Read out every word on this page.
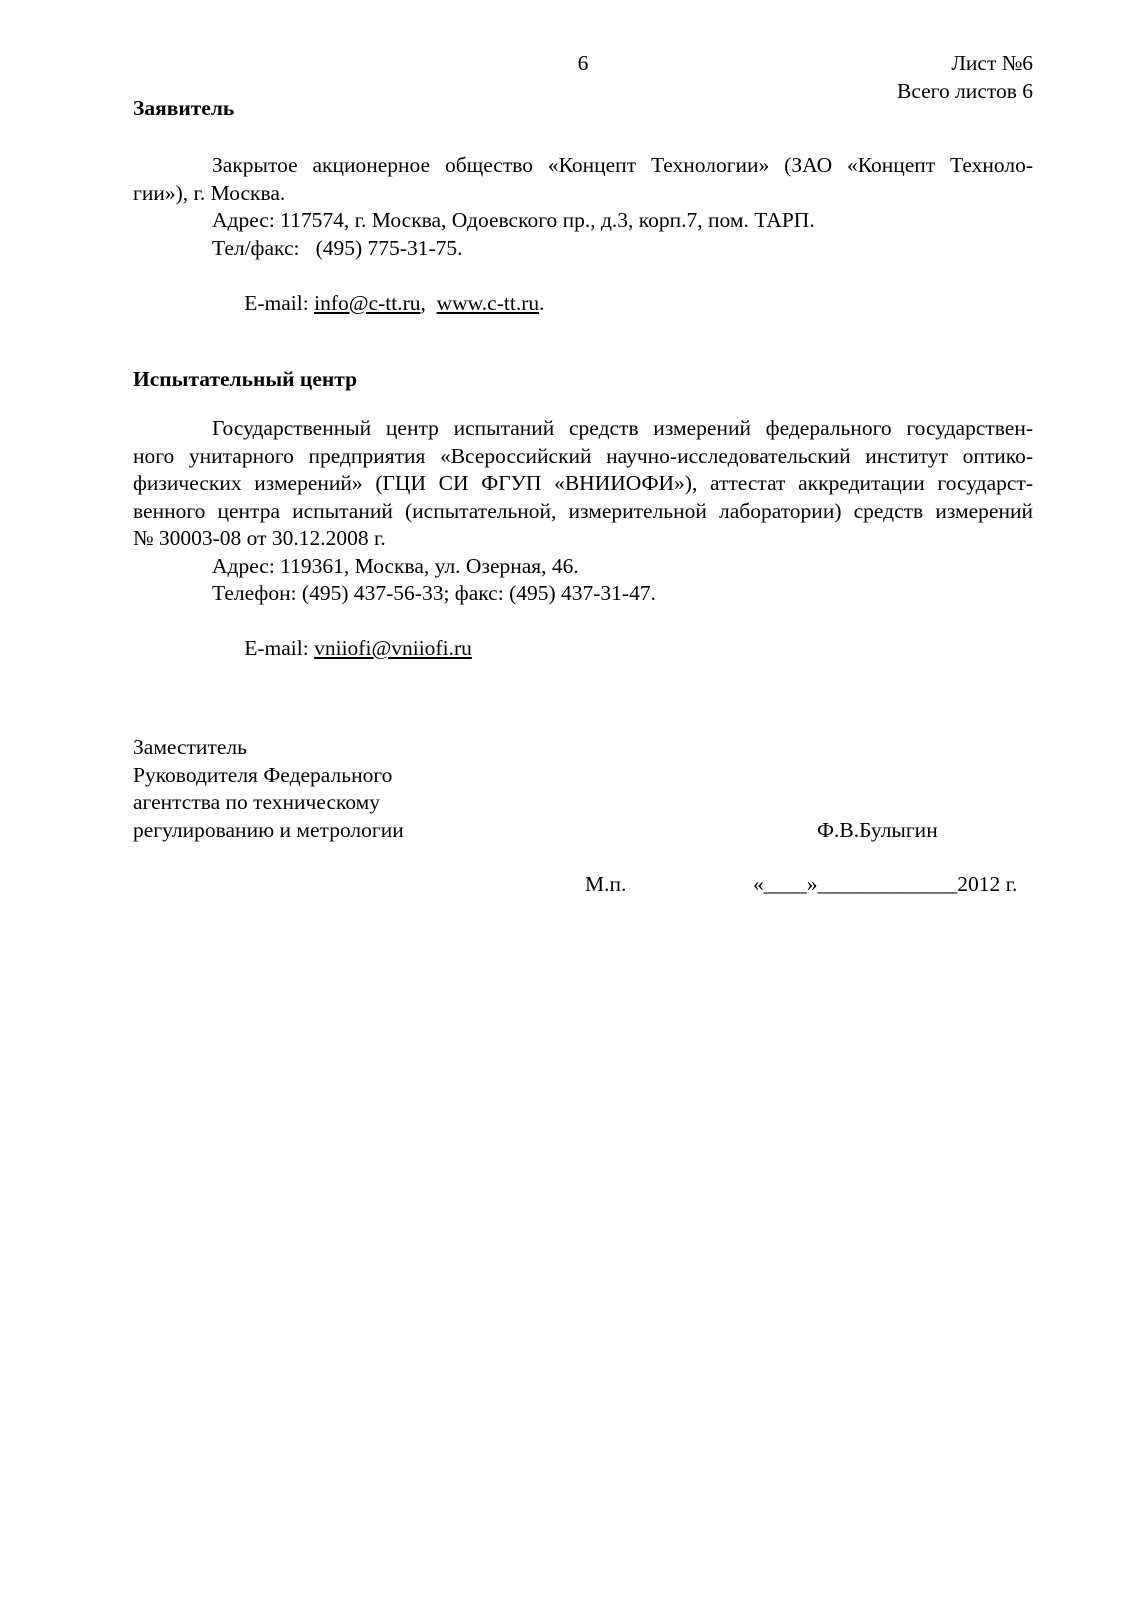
6	Лист №6
Всего листов 6
Заявитель
Закрытое акционерное общество «Концепт Технологии» (ЗАО «Концепт Техноло-
гии»), г. Москва.
Адрес: 117574, г. Москва, Одоевского пр., д.3, корп.7, пом. ТАРП.
Тел/факс:   (495) 775-31-75.

E-mail: info@c-tt.ru,  www.c-tt.ru.

Испытательный центр
Государственный центр испытаний средств измерений федерального государствен-
ного унитарного предприятия «Всероссийский научно-исследовательский институт оптико-
физических измерений» (ГЦИ СИ ФГУП «ВНИИОФИ»), аттестат аккредитации государст-
венного центра испытаний (испытательной, измерительной лаборатории) средств измерений
№ 30003-08 от 30.12.2008 г.
Адрес: 119361, Москва, ул. Озерная, 46.
Телефон: (495) 437-56-33; факс: (495) 437-31-47.

E-mail: vniiofi@vniiofi.ru

Заместитель
Руководителя Федерального
агентства по техническому
регулированию и метрологии	Ф.В.Булыгин
М.п.	«____»_____________2012 г.
